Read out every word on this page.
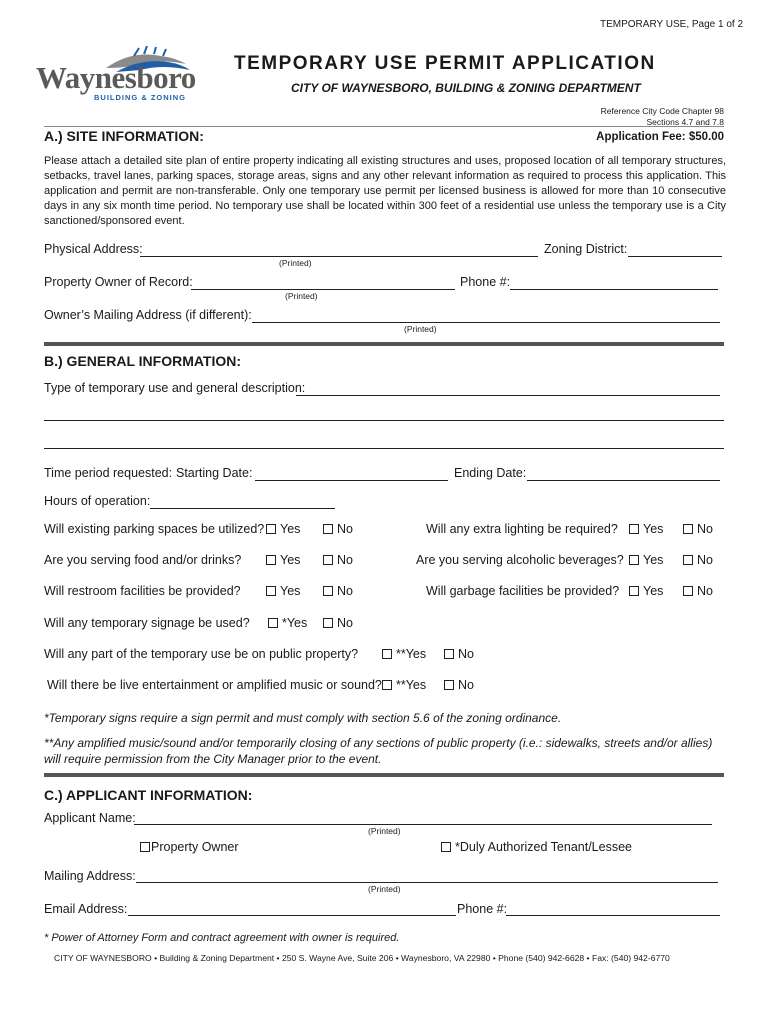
TEMPORARY USE, Page 1 of 2
Waynesboro
BUILDING & ZONING
TEMPORARY USE PERMIT APPLICATION
CITY OF WAYNESBORO, BUILDING & ZONING DEPARTMENT
Reference City Code Chapter 98
Sections 4.7 and 7.8
A.) SITE INFORMATION:	Application Fee: $50.00
Please attach a detailed site plan of entire property indicating all existing structures and uses, proposed location of all temporary structures, setbacks, travel lanes, parking spaces, storage areas, signs and any other relevant information as required to process this application. This application and permit are non-transferable. Only one temporary use permit per licensed business is allowed for more than 10 consecutive days in any six month time period. No temporary use shall be located within 300 feet of a residential use unless the temporary use is a City sanctioned/sponsored event.
Physical Address:	Zoning District:
(Printed)
Property Owner of Record:	Phone #:
(Printed)
Owner’s Mailing Address (if different):
(Printed)
B.) GENERAL INFORMATION:
Type of temporary use and general description:
Time period requested: Starting Date:	Ending Date:
Hours of operation:
Will existing parking spaces be utilized?	Yes	No	Will any extra lighting be required?	Yes	No
Are you serving food and/or drinks?	Yes	No	Are you serving alcoholic beverages?	Yes	No
Will restroom facilities be provided?	Yes	No	Will garbage facilities be provided?	Yes	No
Will any temporary signage be used?	*Yes	No
Will any part of the temporary use be on public property?	**Yes	No
Will there be live entertainment or amplified music or sound?	**Yes	No
*Temporary signs require a sign permit and must comply with section 5.6 of the zoning ordinance.
**Any amplified music/sound and/or temporarily closing of any sections of public property (i.e.: sidewalks, streets and/or allies) will require permission from the City Manager prior to the event.
C.) APPLICANT INFORMATION:
Applicant Name:
(Printed)
Property Owner	*Duly Authorized Tenant/Lessee
Mailing Address:
(Printed)
Email Address:	Phone #:
* Power of Attorney Form and contract agreement with owner is required.
CITY OF WAYNESBORO • Building & Zoning Department • 250 S. Wayne Ave, Suite 206 • Waynesboro, VA 22980 • Phone (540) 942-6628 • Fax: (540) 942-6770
